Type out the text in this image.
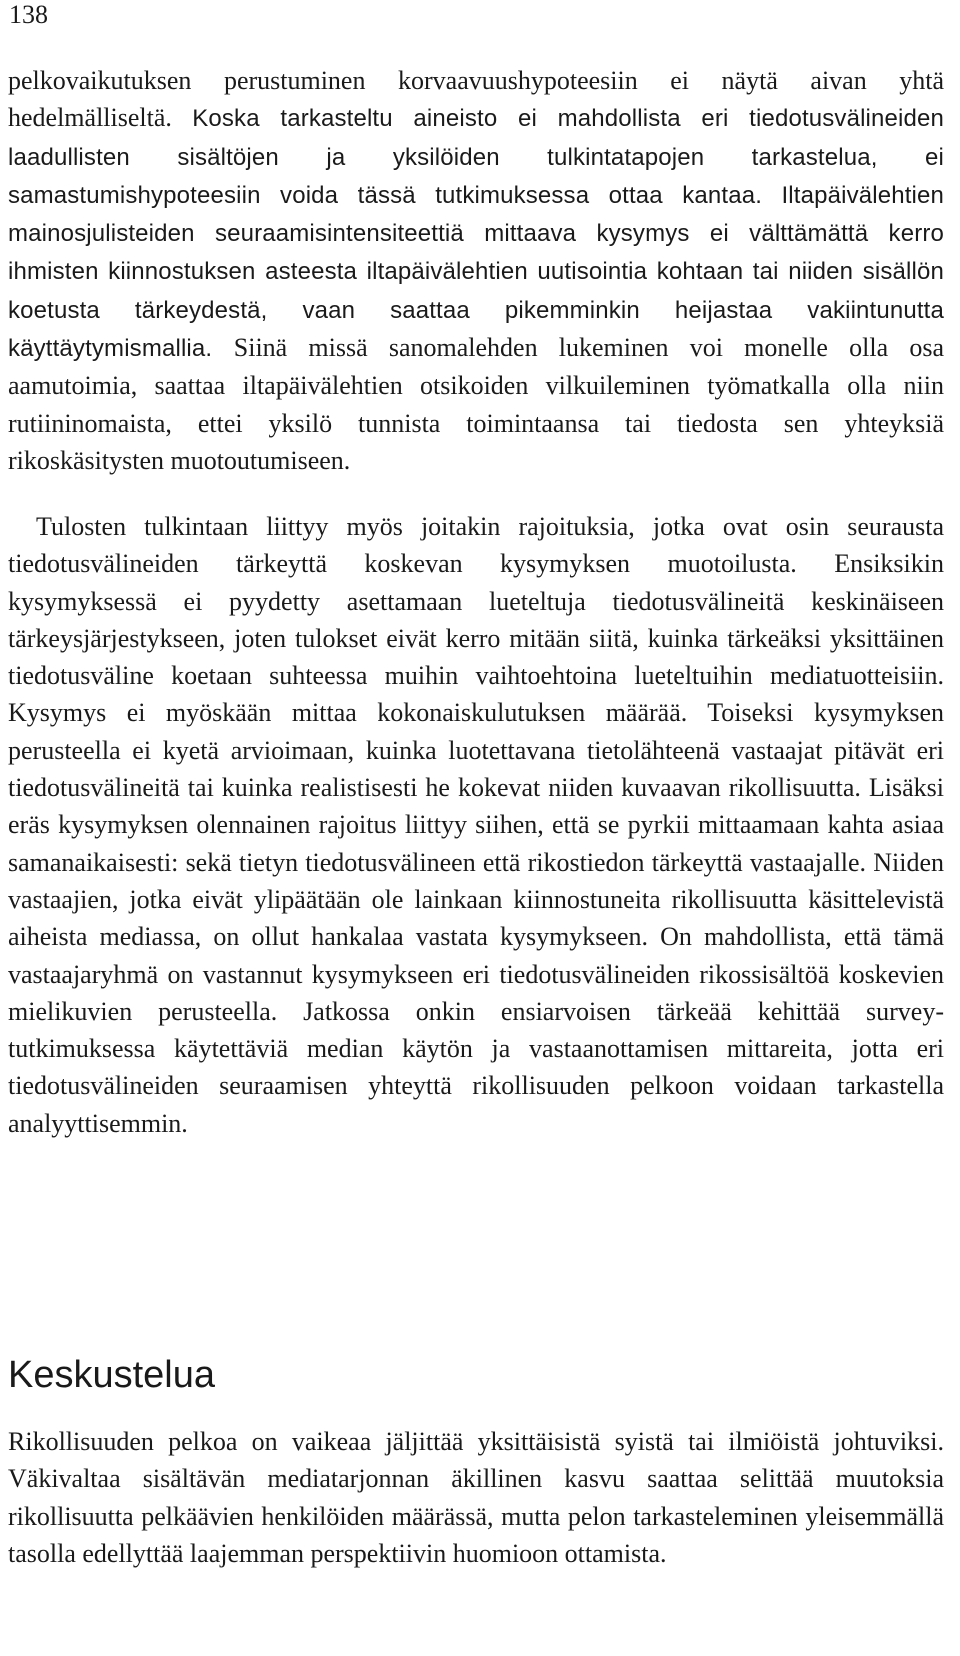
138

pelkovaikutuksen perustuminen korvaavuushypoteesiin ei näytä aivan yhtä hedelmälliseltä. Koska tarkasteltu aineisto ei mahdollista eri tiedotusvälineiden laadullisten sisältöjen ja yksilöiden tulkintatapojen tarkastelua, ei samastumishypoteesiin voida tässä tutkimuksessa ottaa kantaa. Iltapäivälehtien mainosjulisteiden seuraamisintensiteettiä mittaava kysymys ei välttämättä kerro ihmisten kiinnostuksen asteesta iltapäivälehtien uutisointia kohtaan tai niiden sisällön koetusta tärkeydestä, vaan saattaa pikemminkin heijastaa vakiintunutta käyttäytymismallia. Siinä missä sanomalehden lukeminen voi monelle olla osa aamutoimia, saattaa iltapäivälehtien otsikoiden vilkuileminen työmatkalla olla niin rutiininomaista, ettei yksilö tunnista toimintaansa tai tiedosta sen yhteyksiä rikoskäsitysten muotoutumiseen.

Tulosten tulkintaan liittyy myös joitakin rajoituksia, jotka ovat osin seurausta tiedotusvälineiden tärkeyttä koskevan kysymyksen muotoilusta. Ensiksikin kysymyksessä ei pyydetty asettamaan lueteltuja tiedotusvälineitä keskinäiseen tärkeysjärjestykseen, joten tulokset eivät kerro mitään siitä, kuinka tärkeäksi yksittäinen tiedotusväline koetaan suhteessa muihin vaihtoehtoina lueteltuihin mediatuotteisiin. Kysymys ei myöskään mittaa kokonaiskulutuksen määrää. Toiseksi kysymyksen perusteella ei kyetä arvioimaan, kuinka luotettavana tietolähteenä vastaajat pitävät eri tiedotusvälineitä tai kuinka realistisesti he kokevat niiden kuvaavan rikollisuutta. Lisäksi eräs kysymyksen olennainen rajoitus liittyy siihen, että se pyrkii mittaamaan kahta asiaa samanaikaisesti: sekä tietyn tiedotusvälineen että rikostiedon tärkeyttä vastaajalle. Niiden vastaajien, jotka eivät ylipäätään ole lainkaan kiinnostuneita rikollisuutta käsittelevistä aiheista mediassa, on ollut hankalaa vastata kysymykseen. On mahdollista, että tämä vastaajaryhmä on vastannut kysymykseen eri tiedotusvälineiden rikossisältöä koskevien mielikuvien perusteella. Jatkossa onkin ensiarvoisen tärkeää kehittää survey-tutkimuksessa käytettäviä median käytön ja vastaanottamisen mittareita, jotta eri tiedotusvälineiden seuraamisen yhteyttä rikollisuuden pelkoon voidaan tarkastella analyyttisemmin.

Keskustelua

Rikollisuuden pelkoa on vaikeaa jäljittää yksittäisistä syistä tai ilmiöistä johtuviksi. Väkivaltaa sisältävän mediatarjonnan äkillinen kasvu saattaa selittää muutoksia rikollisuutta pelkäävien henkilöiden määrässä, mutta pelon tarkasteleminen yleisemmällä tasolla edellyttää laajemman perspektiivin huomioon ottamista.
